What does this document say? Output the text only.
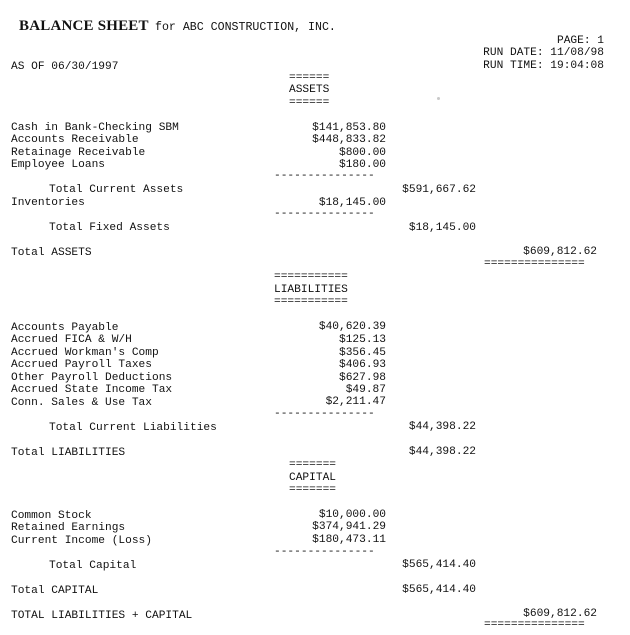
BALANCE SHEET for ABC CONSTRUCTION, INC.
PAGE: 1
RUN DATE: 11/08/98
RUN TIME: 19:04:08
AS OF 06/30/1997
======
ASSETS
======
Cash in Bank-Checking SBM	$141,853.80
Accounts Receivable	$448,833.82
Retainage Receivable	$800.00
Employee Loans	$180.00
---------------
Total Current Assets	$591,667.62
Inventories	$18,145.00
---------------
Total Fixed Assets	$18,145.00
Total ASSETS	$609,812.62
===============
===========
LIABILITIES
===========
Accounts Payable	$40,620.39
Accrued FICA & W/H	$125.13
Accrued Workman's Comp	$356.45
Accrued Payroll Taxes	$406.93
Other Payroll Deductions	$627.98
Accrued State Income Tax	$49.87
Conn. Sales & Use Tax	$2,211.47
---------------
Total Current Liabilities	$44,398.22
Total LIABILITIES	$44,398.22
=======
CAPITAL
=======
Common Stock	$10,000.00
Retained Earnings	$374,941.29
Current Income (Loss)	$180,473.11
---------------
Total Capital	$565,414.40
Total CAPITAL	$565,414.40
TOTAL LIABILITIES + CAPITAL	$609,812.62
===============
